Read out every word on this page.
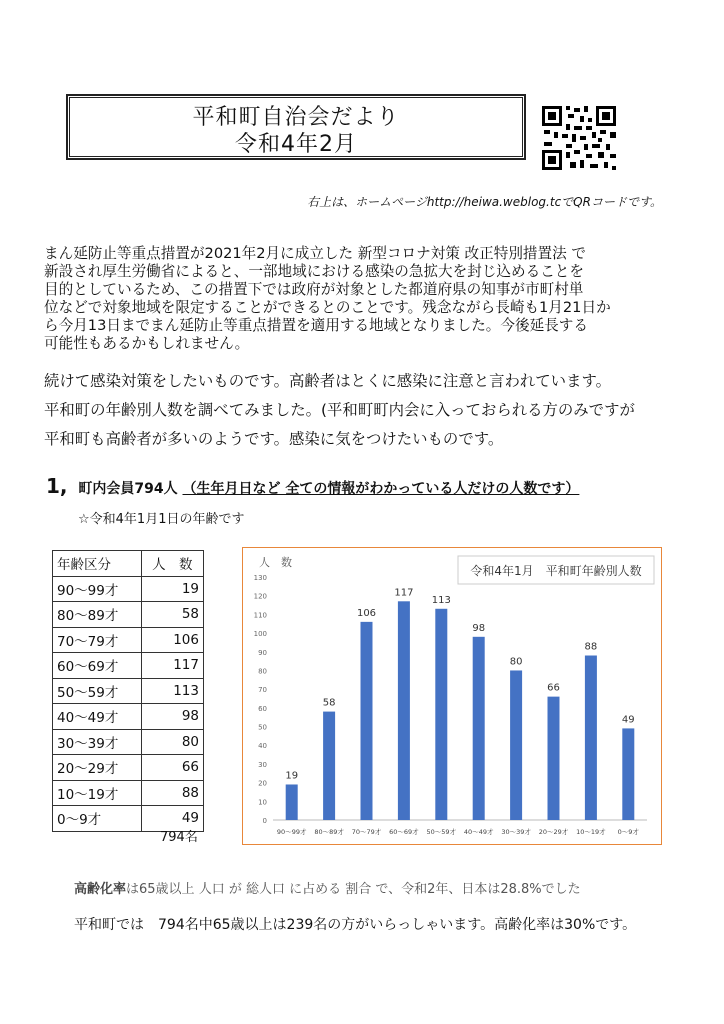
平和町自治会だより
令和4年2月
右上は、ホームページhttp://heiwa.weblog.tcでQRコードです。
まん延防止等重点措置が2021年2月に成立した 新型コロナ対策 改正特別措置法 で
新設され厚生労働省によると、一部地域における感染の急拡大を封じ込めることを
目的としているため、この措置下では政府が対象とした都道府県の知事が市町村単
位などで対象地域を限定することができるとのことです。残念ながら長崎も1月21日か
ら今月13日までまん延防止等重点措置を適用する地域となりました。今後延長する
可能性もあるかもしれません。
続けて感染対策をしたいものです。高齢者はとくに感染に注意と言われています。
平和町の年齢別人数を調べてみました。(平和町町内会に入っておられる方のみですが
平和町も高齢者が多いのようです。感染に気をつけたいものです。
1, 町内会員794人 （生年月日など 全ての情報がわかっている人だけの人数です）
☆令和4年1月1日の年齢です
年齢区分	人　数
90～99才	19
80～89才	58
70～79才	106
60～69才	117
50～59才	113
40～49才	98
30～39才	80
20～29才	66
10～19才	88
0～9才	49
794名
人　数
0
10
20
30
40
50
60
70
80
90
100
110
120
130	令和4年1月　平和町年齢別人数
19
90～99才
58
80～89才
106
70～79才
117
60～69才
113
50～59才
98
40～49才
80
30～39才
66
20～29才
88
10～19才
49
0～9才
高齢化率は65歳以上 人口 が 総人口 に占める 割合 で、令和2年、日本は28.8%でした
平和町では　794名中65歳以上は239名の方がいらっしゃいます。高齢化率は30%です。
